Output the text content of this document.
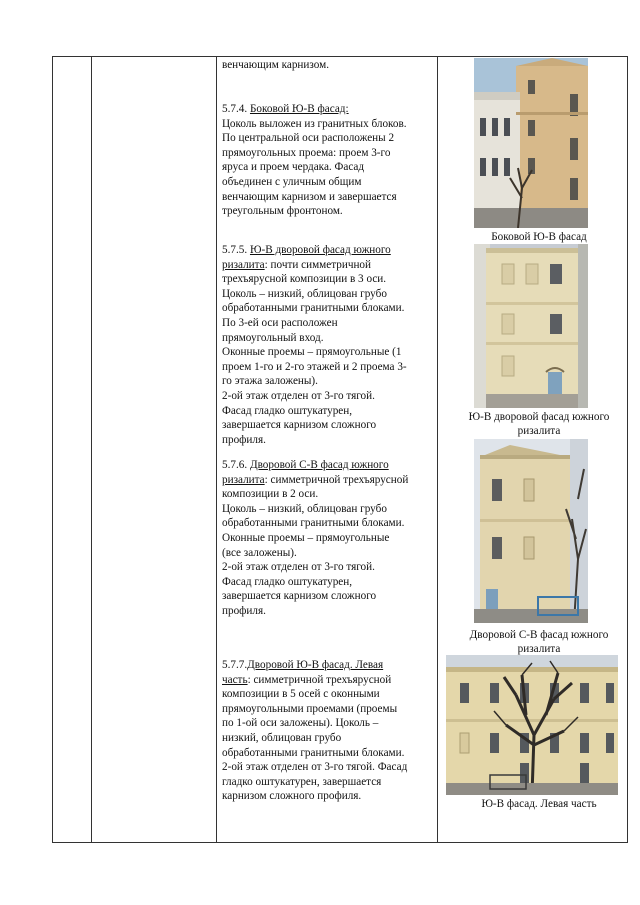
венчающим карнизом.

5.7.4. Боковой Ю-В фасад:

Цоколь выложен из гранитных блоков.

По центральной оси расположены 2

прямоугольных проема: проем 3-го

яруса и проем чердака. Фасад

объединен с уличным общим

венчающим карнизом и завершается

треугольным фронтоном.

5.7.5. Ю-В дворовой фасад южного

ризалита: почти симметричной

трехъярусной композиции в 3 оси.

Цоколь – низкий, облицован грубо

обработанными гранитными блоками.

По 3-ей оси расположен

прямоугольный вход.

Оконные проемы – прямоугольные (1

проем 1-го и 2-го этажей и 2 проема 3-

го этажа заложены).

2-ой этаж отделен от 3-го тягой.

Фасад гладко оштукатурен,

завершается карнизом сложного

профиля.

5.7.6. Дворовой С-В фасад южного

ризалита: симметричной трехъярусной

композиции в 2 оси.

Цоколь – низкий, облицован грубо

обработанными гранитными блоками.

Оконные проемы – прямоугольные

(все заложены).

2-ой этаж отделен от 3-го тягой.

Фасад гладко оштукатурен,

завершается карнизом сложного

профиля.

5.7.7.Дворовой Ю-В фасад. Левая

часть: симметричной трехъярусной

композиции в 5 осей с оконными

прямоугольными проемами (проемы

по 1-ой оси заложены). Цоколь –

низкий, облицован грубо

обработанными гранитными блоками.

2-ой этаж отделен от 3-го тягой. Фасад

гладко оштукатурен, завершается

карнизом сложного профиля.

Боковой Ю-В фасад
Ю-В дворовой фасад южного
ризалита
Дворовой С-В фасад южного
ризалита
Ю-В фасад. Левая часть
